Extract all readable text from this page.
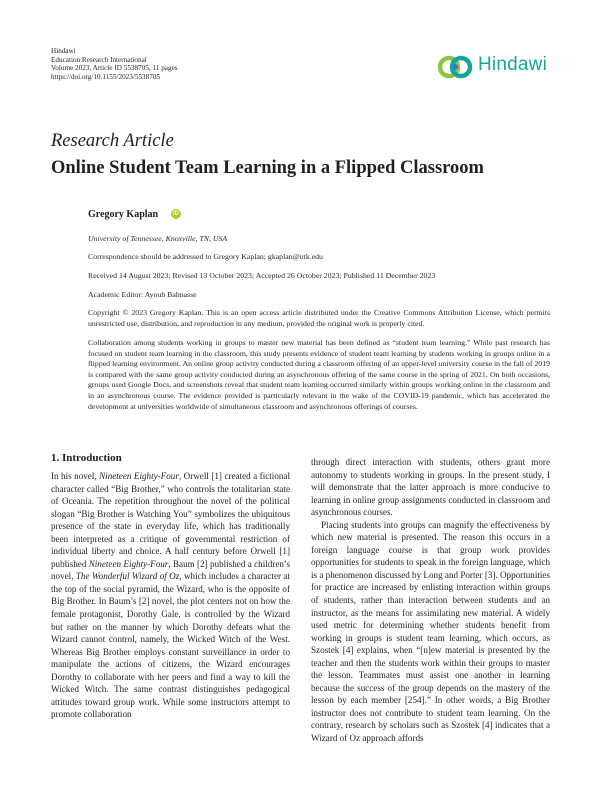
Hindawi
Education Research International
Volume 2023, Article ID 5538705, 11 pages
https://doi.org/10.1155/2023/5538705
Hindawi
Research Article
Online Student Team Learning in a Flipped Classroom
Gregory Kaplan	iD
University of Tennessee, Knoxville, TN, USA
Correspondence should be addressed to Gregory Kaplan; gkaplan@utk.edu
Received 14 August 2023; Revised 13 October 2023; Accepted 26 October 2023; Published 11 December 2023
Academic Editor: Ayoub Bahnasse
Copyright © 2023 Gregory Kaplan. This is an open access article distributed under the Creative Commons Attribution License, which permits unrestricted use, distribution, and reproduction in any medium, provided the original work is properly cited.
Collaboration among students working in groups to master new material has been defined as “student team learning.” While past research has focused on student team learning in the classroom, this study presents evidence of student team learning by students working in groups online in a flipped learning environment. An online group activity conducted during a classroom offering of an upper-level university course in the fall of 2019 is compared with the same group activity conducted during an asynchronous offering of the same course in the spring of 2021. On both occasions, groups used Google Docs, and screenshots reveal that student team learning occurred similarly within groups working online in the classroom and in an asynchronous course. The evidence provided is particularly relevant in the wake of the COVID-19 pandemic, which has accelerated the development at universities worldwide of simultaneous classroom and asynchronous offerings of courses.
1. Introduction

In his novel, Nineteen Eighty-Four, Orwell [1] created a fictional character called “Big Brother,” who controls the totalitarian state of Oceania. The repetition throughout the novel of the political slogan “Big Brother is Watching You” symbolizes the ubiquitous presence of the state in everyday life, which has traditionally been interpreted as a critique of governmental restriction of individual liberty and choice. A half century before Orwell [1] published Nineteen Eighty-Four, Baum [2] published a children’s novel, The Wonderful Wizard of Oz, which includes a character at the top of the social pyramid, the Wizard, who is the opposite of Big Brother. In Baum’s [2] novel, the plot centers not on how the female protagonist, Dorothy Gale, is controlled by the Wizard but rather on the manner by which Dorothy defeats what the Wizard cannot control, namely, the Wicked Witch of the West. Whereas Big Brother employs constant surveillance in order to manipulate the actions of citizens, the Wizard encourages Dorothy to collaborate with her peers and find a way to kill the Wicked Witch. The same contrast distinguishes pedagogical attitudes toward group work. While some instructors attempt to promote collaboration

through direct interaction with students, others grant more autonomy to students working in groups. In the present study, I will demonstrate that the latter approach is more conducive to learning in online group assignments conducted in classroom and asynchronous courses.

Placing students into groups can magnify the effectiveness by which new material is presented. The reason this occurs in a foreign language course is that group work provides opportunities for students to speak in the foreign language, which is a phenomenon discussed by Long and Porter [3]. Opportunities for practice are increased by enlisting interaction within groups of students, rather than interaction between students and an instructor, as the means for assimilating new material. A widely used metric for determining whether students benefit from working in groups is student team learning, which occurs, as Szostek [4] explains, when “[n]ew material is presented by the teacher and then the students work within their groups to master the lesson. Teammates must assist one another in learning because the success of the group depends on the mastery of the lesson by each member [254].” In other words, a Big Brother instructor does not contribute to student team learning. On the contrary, research by scholars such as Szostek [4] indicates that a Wizard of Oz approach affords
